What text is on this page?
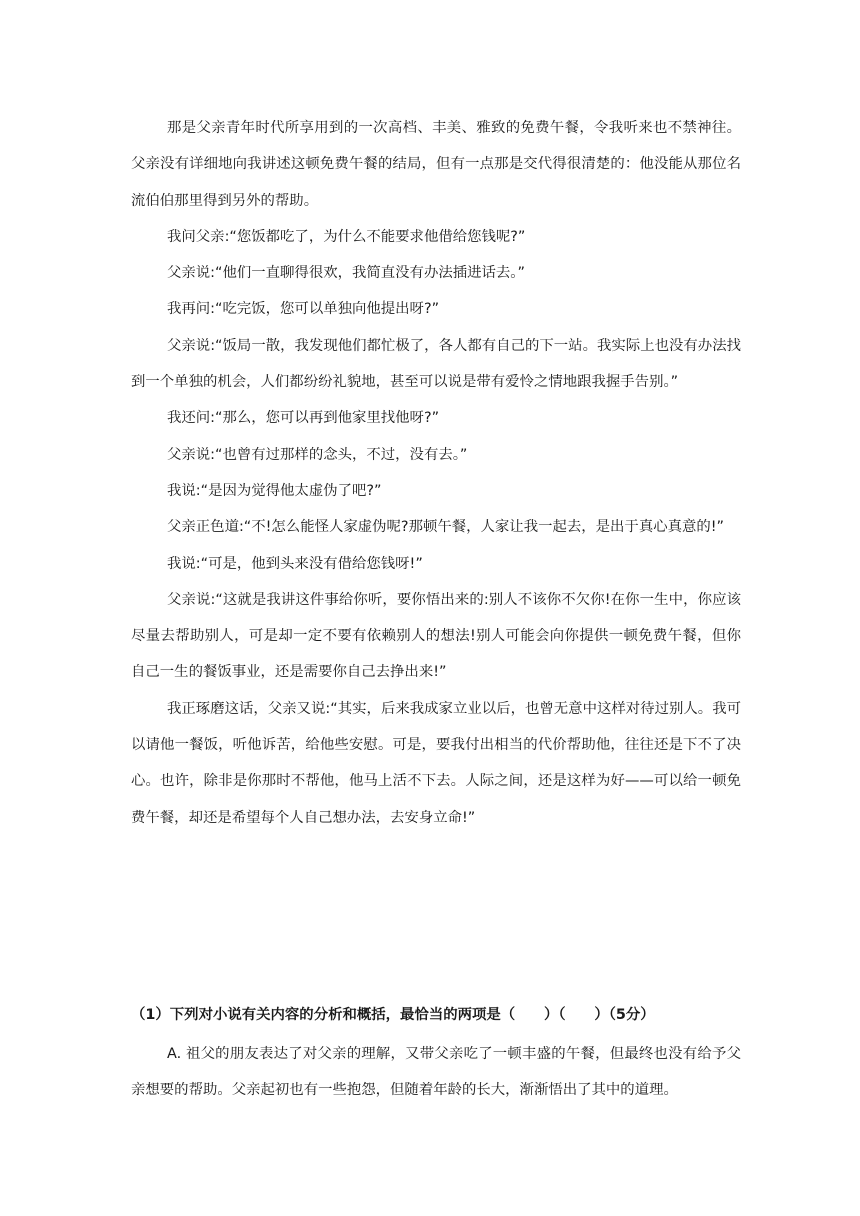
那是父亲青年时代所享用到的一次高档、丰美、雅致的免费午餐，令我听来也不禁神往。父亲没有详细地向我讲述这顿免费午餐的结局，但有一点那是交代得很清楚的：他没能从那位名流伯伯那里得到另外的帮助。

我问父亲:“您饭都吃了，为什么不能要求他借给您钱呢?”

父亲说:“他们一直聊得很欢，我简直没有办法插进话去。”

我再问:“吃完饭，您可以单独向他提出呀?”

父亲说:“饭局一散，我发现他们都忙极了，各人都有自己的下一站。我实际上也没有办法找到一个单独的机会，人们都纷纷礼貌地，甚至可以说是带有爱怜之情地跟我握手告别。”

我还问:“那么，您可以再到他家里找他呀?”

父亲说:“也曾有过那样的念头，不过，没有去。”

我说:“是因为觉得他太虚伪了吧?”

父亲正色道:“不!怎么能怪人家虚伪呢?那顿午餐，人家让我一起去，是出于真心真意的!”

我说:“可是，他到头来没有借给您钱呀!”

父亲说:“这就是我讲这件事给你听，要你悟出来的:别人不该你不欠你!在你一生中，你应该尽量去帮助别人，可是却一定不要有依赖别人的想法!别人可能会向你提供一顿免费午餐，但你自己一生的餐饭事业，还是需要你自己去挣出来!”

我正琢磨这话，父亲又说:“其实，后来我成家立业以后，也曾无意中这样对待过别人。我可以请他一餐饭，听他诉苦，给他些安慰。可是，要我付出相当的代价帮助他，往往还是下不了决心。也许，除非是你那时不帮他，他马上活不下去。人际之间，还是这样为好——可以给一顿免费午餐，却还是希望每个人自己想办法，去安身立命!”

（1）下列对小说有关内容的分析和概括，最恰当的两项是（　　）（　　）（5分）

A. 祖父的朋友表达了对父亲的理解，又带父亲吃了一顿丰盛的午餐，但最终也没有给予父亲想要的帮助。父亲起初也有一些抱怨，但随着年龄的长大，渐渐悟出了其中的道理。
